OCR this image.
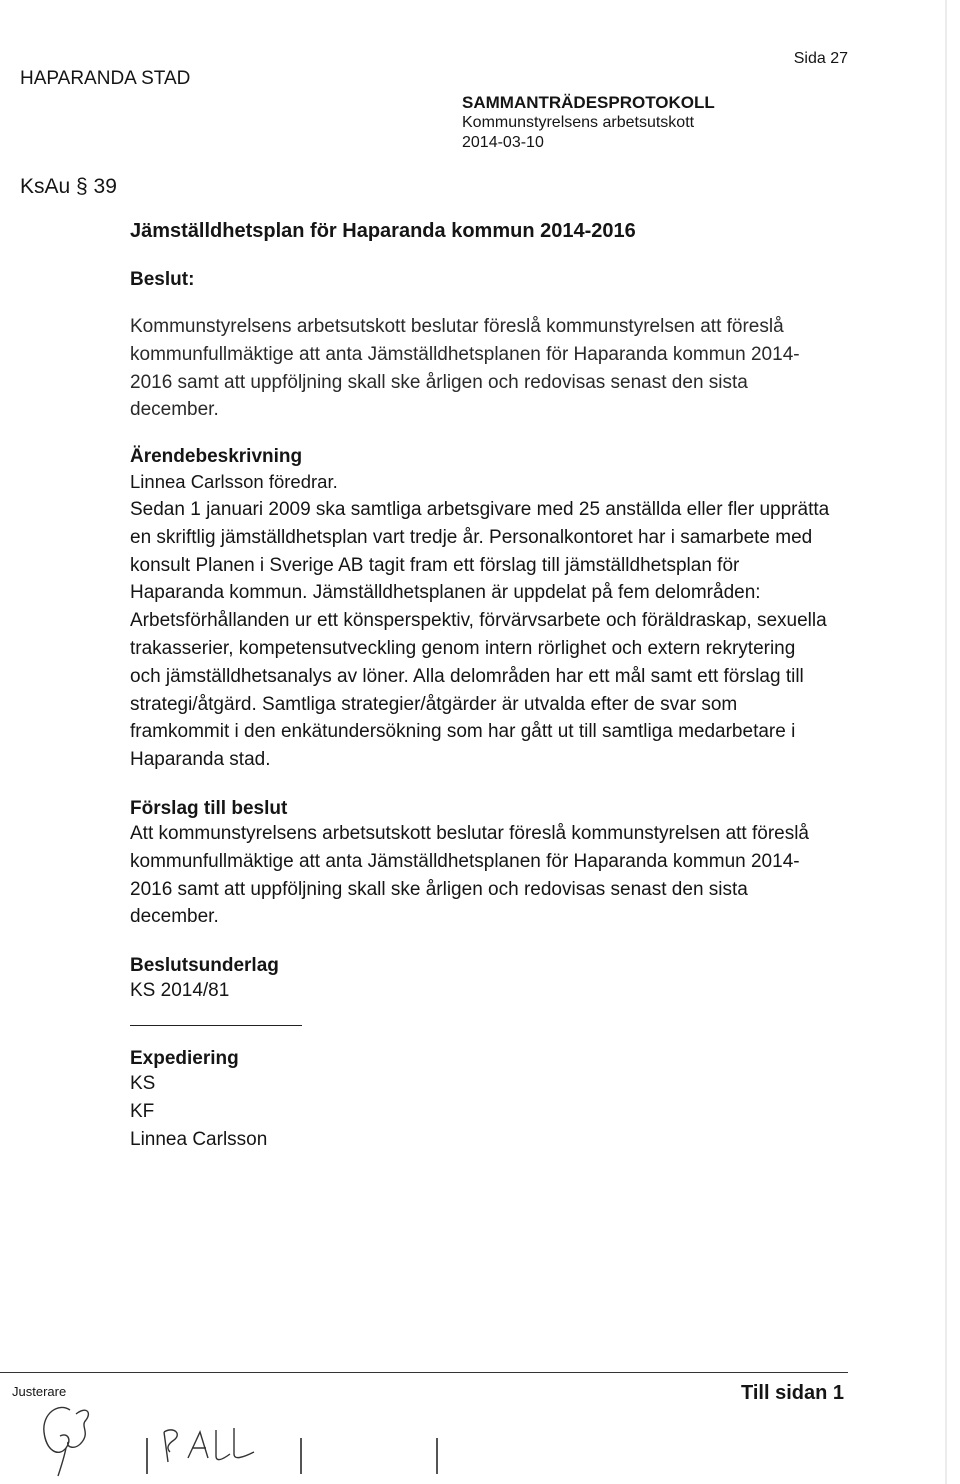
HAPARANDA STAD
Sida 27
SAMMANTRÄDESPROTOKOLL
Kommunstyrelsens arbetsutskott
2014-03-10
KsAu § 39

Jämställdhetsplan för Haparanda kommun 2014-2016

Beslut:

Kommunstyrelsens arbetsutskott beslutar föreslå kommunstyrelsen att föreslå kommunfullmäktige att anta Jämställdhetsplanen för Haparanda kommun 2014-2016 samt att uppföljning skall ske årligen och redovisas senast den sista december.

Ärendebeskrivning

Linnea Carlsson föredrar.

Sedan 1 januari 2009 ska samtliga arbetsgivare med 25 anställda eller fler upprätta en skriftlig jämställdhetsplan vart tredje år. Personalkontoret har i samarbete med konsult Planen i Sverige AB tagit fram ett förslag till jämställdhetsplan för Haparanda kommun. Jämställdhetsplanen är uppdelat på fem delområden: Arbetsförhållanden ur ett könsperspektiv, förvärvsarbete och föräldraskap, sexuella trakasserier, kompetensutveckling genom intern rörlighet och extern rekrytering och jämställdhetsanalys av löner. Alla delområden har ett mål samt ett förslag till strategi/åtgärd. Samtliga strategier/åtgärder är utvalda efter de svar som framkommit i den enkätundersökning som har gått ut till samtliga medarbetare i Haparanda stad.

Förslag till beslut

Att kommunstyrelsens arbetsutskott beslutar föreslå kommunstyrelsen att föreslå kommunfullmäktige att anta Jämställdhetsplanen för Haparanda kommun 2014-2016 samt att uppföljning skall ske årligen och redovisas senast den sista december.

Beslutsunderlag

KS 2014/81

Expediering

KS

KF

Linnea Carlsson

Justerare	Till sidan 1
